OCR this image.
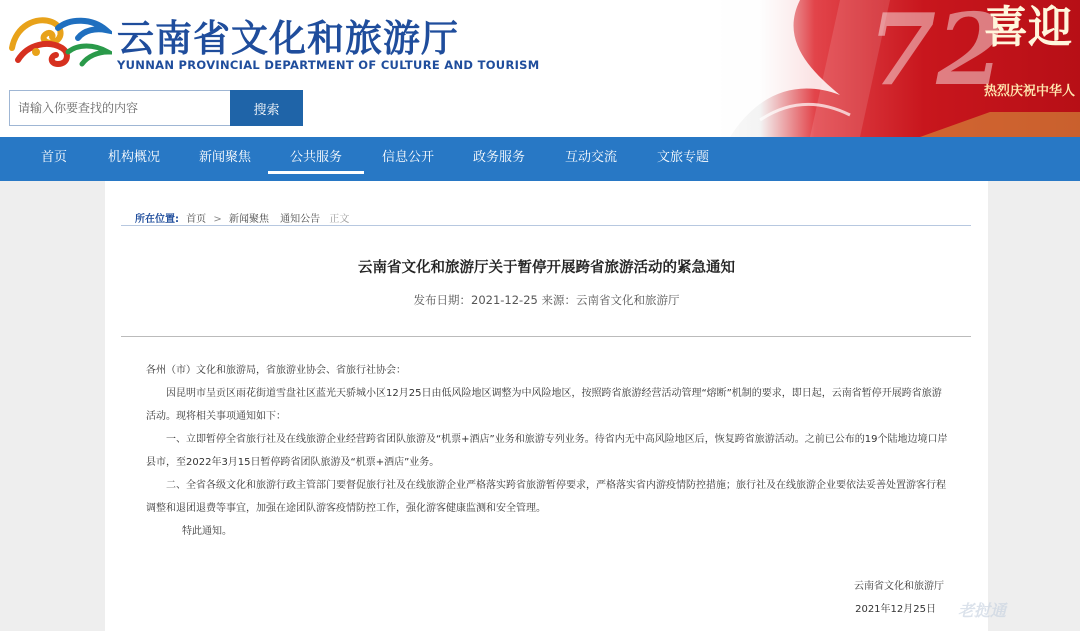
云南省文化和旅游厅
YUNNAN PROVINCIAL DEPARTMENT OF CULTURE AND TOURISM
请输入你要查找的内容
搜索
72
喜迎
热烈庆祝中华人
首页	机构概况	新闻聚焦	公共服务	信息公开	政务服务	互动交流	文旅专题
所在位置: 首页 > 新闻聚焦 通知公告 正文
云南省文化和旅游厅关于暂停开展跨省旅游活动的紧急通知
发布日期：2021-12-25 来源：云南省文化和旅游厅

各州（市）文化和旅游局，省旅游业协会、省旅行社协会：

因昆明市呈贡区雨花街道雪盘社区蓝光天骄城小区12月25日由低风险地区调整为中风险地区，按照跨省旅游经营活动管理“熔断”机制的要求，即日起，云南省暂停开展跨省旅游活动。现将相关事项通知如下：

一、立即暂停全省旅行社及在线旅游企业经营跨省团队旅游及“机票+酒店”业务和旅游专列业务。待省内无中高风险地区后，恢复跨省旅游活动。之前已公布的19个陆地边境口岸县市，至2022年3月15日暂停跨省团队旅游及“机票+酒店”业务。

二、全省各级文化和旅游行政主管部门要督促旅行社及在线旅游企业严格落实跨省旅游暂停要求，严格落实省内游疫情防控措施；旅行社及在线旅游企业要依法妥善处置游客行程调整和退团退费等事宜，加强在途团队游客疫情防控工作，强化游客健康监测和安全管理。

特此通知。

云南省文化和旅游厅
2021年12月25日 老挝通
